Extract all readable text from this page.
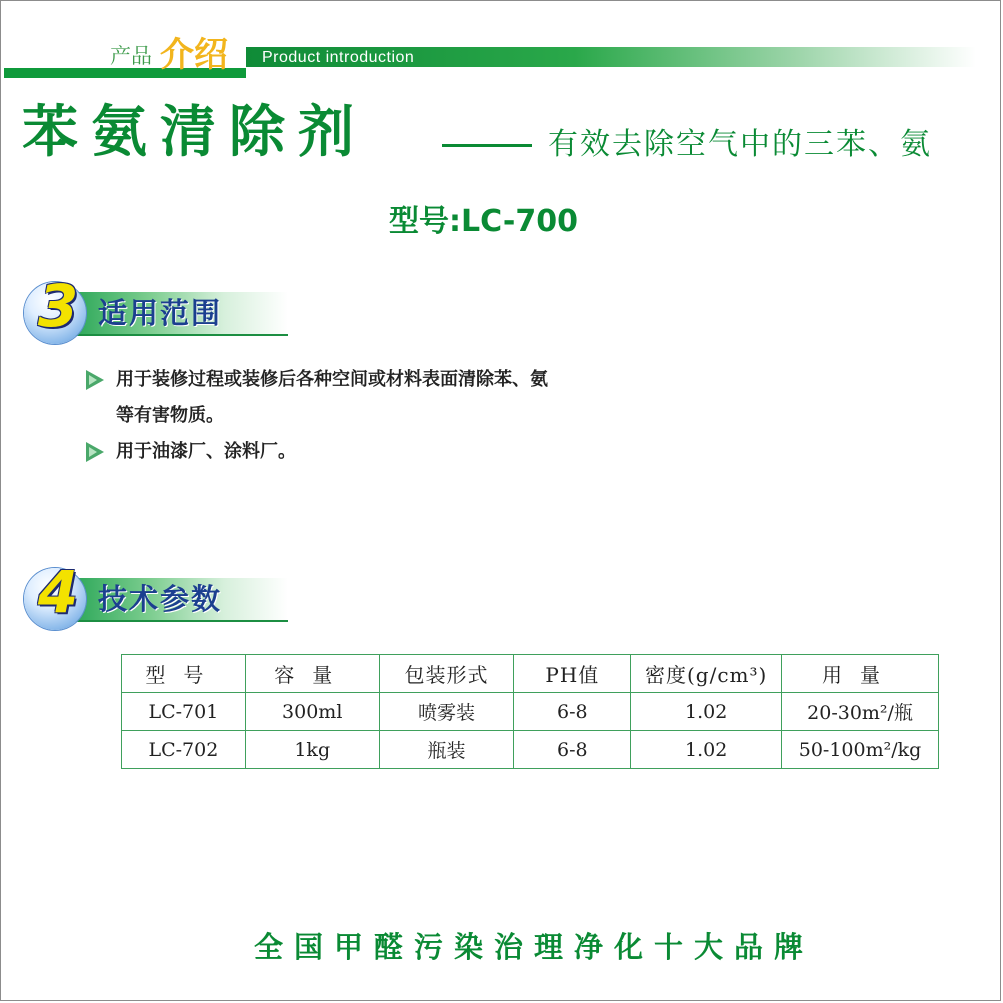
Product introduction
产品 介绍
苯氨清除剂	有效去除空气中的三苯、氨
型号:LC-700
3 适用范围
用于装修过程或装修后各种空间或材料表面清除苯、氨
等有害物质。
用于油漆厂、涂料厂。
4 技术参数
型号	容量	包装形式	PH值	密度(g/cm³)	用量
LC-701	300ml	喷雾装	6-8	1.02	20-30m²/瓶
LC-702	1kg	瓶装	6-8	1.02	50-100m²/kg
全国甲醛污染治理净化十大品牌
